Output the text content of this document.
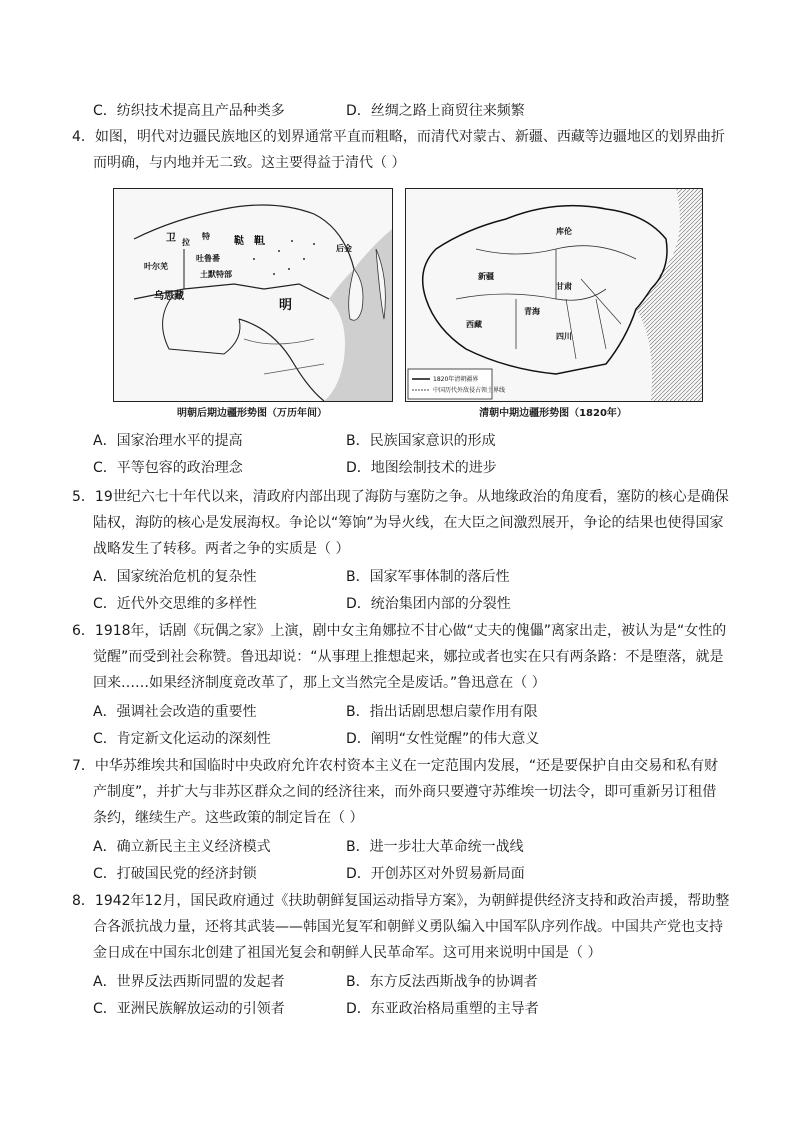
C．纺织技术提高且产品种类多	D．丝绸之路上商贸往来频繁
4．如图，明代对边疆民族地区的划界通常平直而粗略，而清代对蒙古、新疆、西藏等边疆地区的划界曲折
而明确，与内地并无二致。这主要得益于清代（ ）
卫 拉
特 鞑 靼
吐鲁番
叶尔羌
土默特部
乌思藏
明
后金
明朝后期边疆形势图（万历年间）
库伦
新疆
西藏
青海
甘肃
四川
1820年清朝疆界
中国历代外敌侵占领土界线
清朝中期边疆形势图（1820年）
A．国家治理水平的提高	B．民族国家意识的形成
C．平等包容的政治理念	D．地图绘制技术的进步
5．19世纪六七十年代以来，清政府内部出现了海防与塞防之争。从地缘政治的角度看，塞防的核心是确保
陆权，海防的核心是发展海权。争论以“筹饷”为导火线，在大臣之间激烈展开，争论的结果也使得国家
战略发生了转移。两者之争的实质是（ ）
A．国家统治危机的复杂性	B．国家军事体制的落后性
C．近代外交思维的多样性	D．统治集团内部的分裂性
6．1918年，话剧《玩偶之家》上演，剧中女主角娜拉不甘心做“丈夫的傀儡”离家出走，被认为是“女性的
觉醒”而受到社会称赞。鲁迅却说：“从事理上推想起来，娜拉或者也实在只有两条路：不是堕落，就是
回来……如果经济制度竟改革了，那上文当然完全是废话。”鲁迅意在（ ）
A．强调社会改造的重要性	B．指出话剧思想启蒙作用有限
C．肯定新文化运动的深刻性	D．阐明“女性觉醒”的伟大意义
7．中华苏维埃共和国临时中央政府允许农村资本主义在一定范围内发展，“还是要保护自由交易和私有财
产制度”，并扩大与非苏区群众之间的经济往来，而外商只要遵守苏维埃一切法令，即可重新另订租借
条约，继续生产。这些政策的制定旨在（ ）
A．确立新民主主义经济模式	B．进一步壮大革命统一战线
C．打破国民党的经济封锁	D．开创苏区对外贸易新局面
8．1942年12月，国民政府通过《扶助朝鲜复国运动指导方案》，为朝鲜提供经济支持和政治声援，帮助整
合各派抗战力量，还将其武装——韩国光复军和朝鲜义勇队编入中国军队序列作战。中国共产党也支持
金日成在中国东北创建了祖国光复会和朝鲜人民革命军。这可用来说明中国是（ ）
A．世界反法西斯同盟的发起者	B．东方反法西斯战争的协调者
C．亚洲民族解放运动的引领者	D．东亚政治格局重塑的主导者
